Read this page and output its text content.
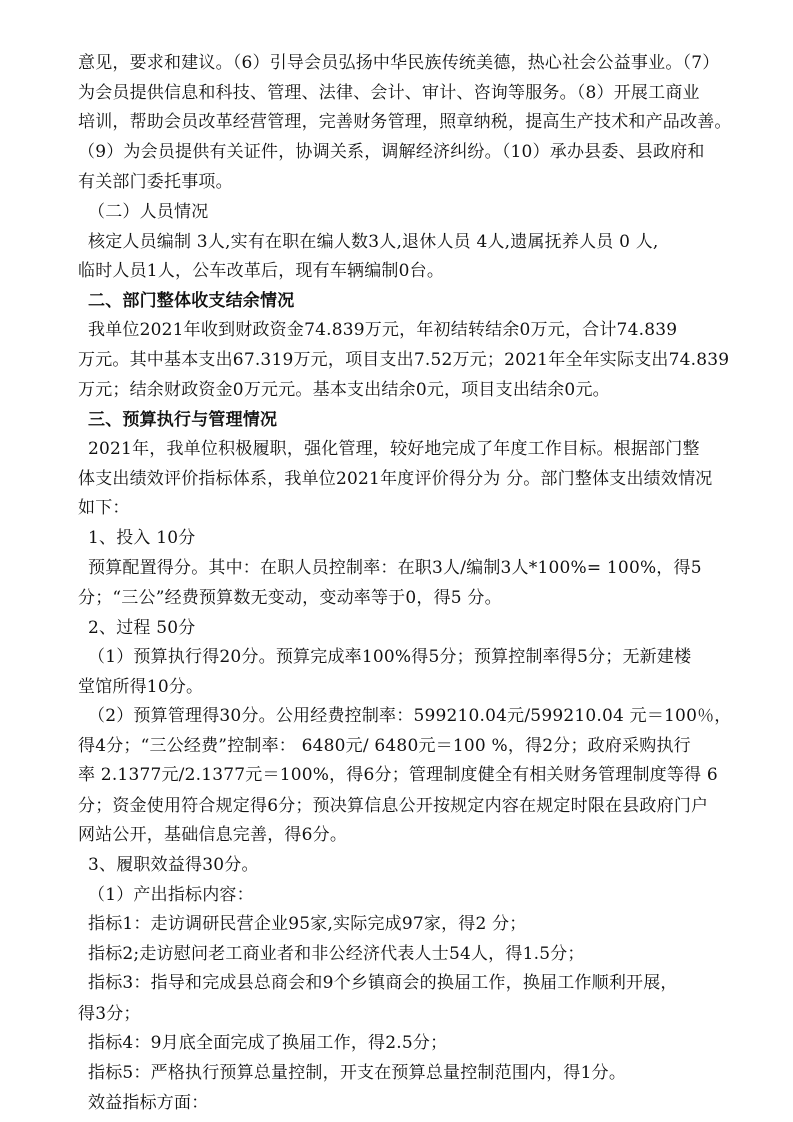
意见，要求和建议。（6）引导会员弘扬中华民族传统美德，热心社会公益事业。（7）
为会员提供信息和科技、管理、法律、会计、审计、咨询等服务。（8）开展工商业
培训，帮助会员改革经营管理，完善财务管理，照章纳税，提高生产技术和产品改善。
（9）为会员提供有关证件，协调关系，调解经济纠纷。（10）承办县委、县政府和
有关部门委托事项。
（二）人员情况
核定人员编制 3人,实有在职在编人数3人,退休人员 4人,遗属抚养人员 0 人,
临时人员1人，公车改革后，现有车辆编制0台。
二、部门整体收支结余情况
我单位2021年收到财政资金74.839万元，年初结转结余0万元，合计74.839
万元。其中基本支出67.319万元，项目支出7.52万元；2021年全年实际支出74.839
万元；结余财政资金0万元元。基本支出结余0元，项目支出结余0元。
三、预算执行与管理情况
2021年，我单位积极履职，强化管理，较好地完成了年度工作目标。根据部门整
体支出绩效评价指标体系，我单位2021年度评价得分为 分。部门整体支出绩效情况
如下：
1、投入 10分
预算配置得分。其中：在职人员控制率：在职3人/编制3人*100%= 100%，得5
分；“三公”经费预算数无变动，变动率等于0，得5 分。
2、过程 50分
（1）预算执行得20分。预算完成率100%得5分；预算控制率得5分；无新建楼
堂馆所得10分。
（2）预算管理得30分。公用经费控制率：599210.04元/599210.04 元＝100％，
得4分；“三公经费”控制率： 6480元/ 6480元＝100 %，得2分；政府采购执行
率 2.1377元/2.1377元＝100%，得6分；管理制度健全有相关财务管理制度等得 6
分；资金使用符合规定得6分；预决算信息公开按规定内容在规定时限在县政府门户
网站公开，基础信息完善，得6分。
3、履职效益得30分。
（1）产出指标内容：
指标1：走访调研民营企业95家,实际完成97家，得2 分；
指标2;走访慰问老工商业者和非公经济代表人士54人，得1.5分；
指标3：指导和完成县总商会和9个乡镇商会的换届工作，换届工作顺利开展，
得3分；
指标4：9月底全面完成了换届工作，得2.5分；
指标5：严格执行预算总量控制，开支在预算总量控制范围内，得1分。
效益指标方面：
